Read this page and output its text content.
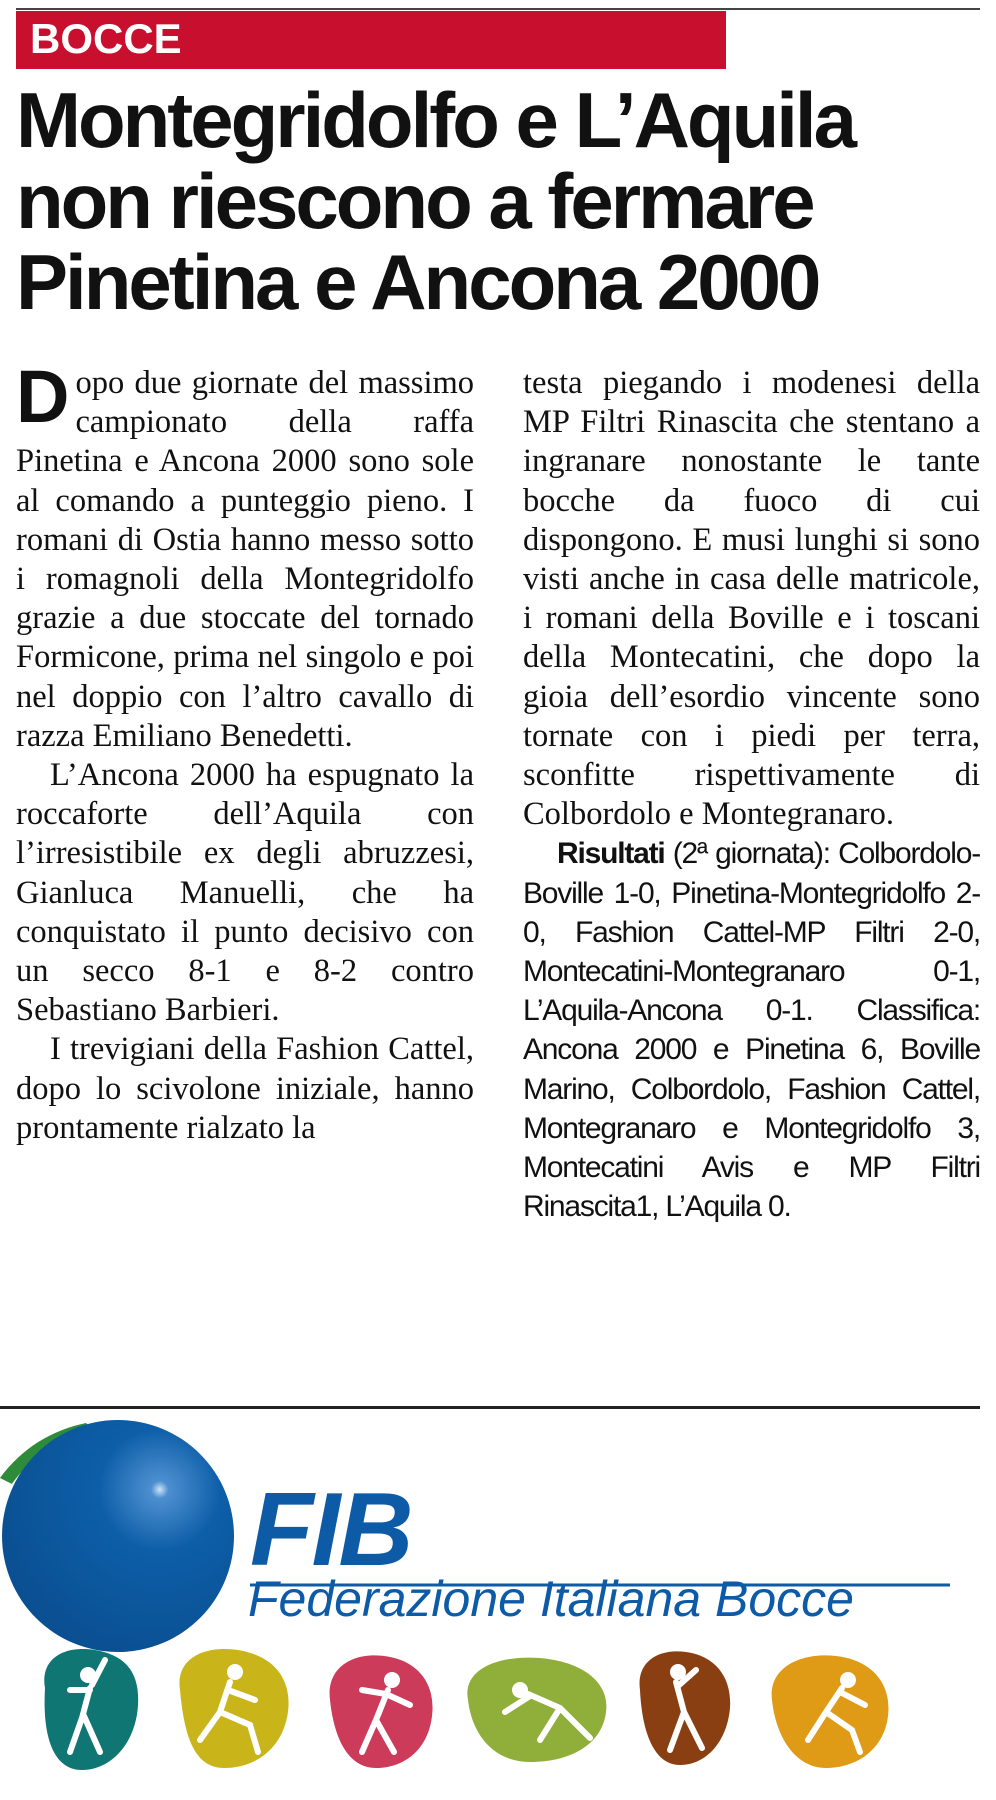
BOCCE
Montegridolfo e L’Aquila
non riescono a fermare
Pinetina e Ancona 2000

Dopo due giornate del massimo campionato della raffa Pinetina e Ancona 2000 sono sole al comando a punteggio pieno. I romani di Ostia hanno messo sotto i romagnoli della Montegridolfo grazie a due stoccate del tornado Formicone, prima nel singolo e poi nel doppio con l’altro cavallo di razza Emiliano Benedetti.

L’Ancona 2000 ha espugnato la roccaforte dell’Aquila con l’irresistibile ex degli abruzzesi, Gianluca Manuelli, che ha conquistato il punto decisivo con un secco 8-1 e 8-2 contro Sebastiano Barbieri.

I trevigiani della Fashion Cattel, dopo lo scivolone iniziale, hanno prontamente rialzato la

testa piegando i modenesi della MP Filtri Rinascita che stentano a ingranare nonostante le tante bocche da fuoco di cui dispongono. E musi lunghi si sono visti anche in casa delle matricole, i romani della Boville e i toscani della Montecatini, che dopo la gioia dell’esordio vincente sono tornate con i piedi per terra, sconfitte rispettivamente di Colbordolo e Montegranaro.

Risultati (2ª giornata): Colbordolo-Boville 1-0, Pinetina-Montegridolfo 2-0, Fashion Cattel-MP Filtri 2-0, Montecatini-Montegranaro 0-1, L’Aquila-Ancona 0-1. Classifica: Ancona 2000 e Pinetina 6, Boville Marino, Colbordolo, Fashion Cattel, Montegranaro e Montegridolfo 3, Montecatini Avis e MP Filtri Rinascita1, L’Aquila 0.

FIB
Federazione Italiana Bocce
